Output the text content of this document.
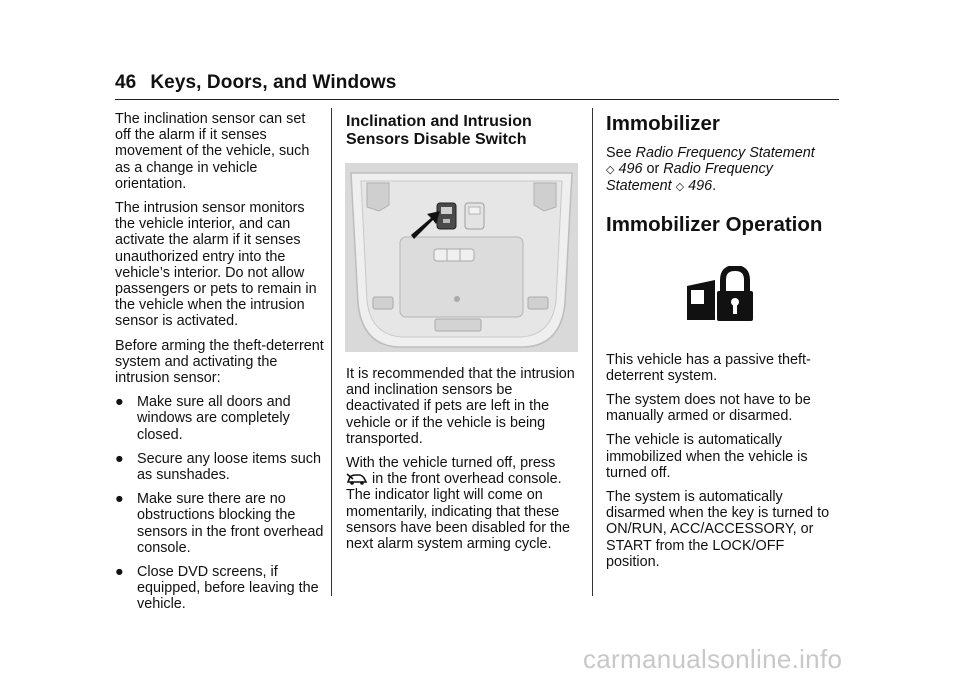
46 Keys, Doors, and Windows

The inclination sensor can set off the alarm if it senses movement of the vehicle, such as a change in vehicle orientation.

The intrusion sensor monitors the vehicle interior, and can activate the alarm if it senses unauthorized entry into the vehicle’s interior. Do not allow passengers or pets to remain in the vehicle when the intrusion sensor is activated.

Before arming the theft-deterrent system and activating the intrusion sensor:

● Make sure all doors and windows are completely closed.
● Secure any loose items such as sunshades.
● Make sure there are no obstructions blocking the sensors in the front overhead console.
● Close DVD screens, if equipped, before leaving the vehicle.
Inclination and Intrusion Sensors Disable Switch

It is recommended that the intrusion and inclination sensors be deactivated if pets are left in the vehicle or if the vehicle is being transported.

With the vehicle turned off, press
in the front overhead console. The indicator light will come on momentarily, indicating that these sensors have been disabled for the next alarm system arming cycle.

Immobilizer

See Radio Frequency Statement
◇ 496 or Radio Frequency Statement ◇ 496.

Immobilizer Operation

This vehicle has a passive theft-deterrent system.

The system does not have to be manually armed or disarmed.

The vehicle is automatically immobilized when the vehicle is turned off.

The system is automatically disarmed when the key is turned to ON/RUN, ACC/ACCESSORY, or START from the LOCK/OFF position.

carmanualsonline.info
